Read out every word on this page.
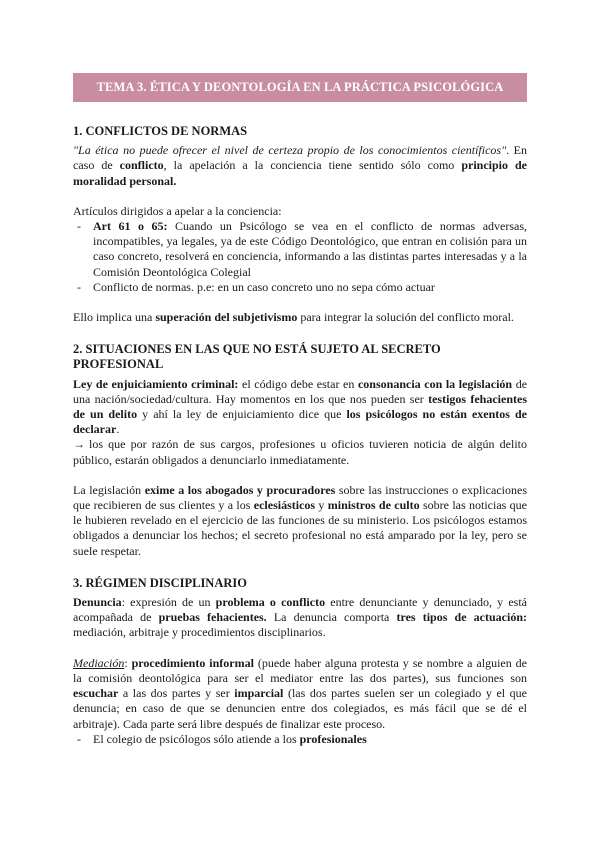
TEMA 3. ÉTICA Y DEONTOLOGÍA EN LA PRÁCTICA PSICOLÓGICA
1. CONFLICTOS DE NORMAS

"La ética no puede ofrecer el nivel de certeza propio de los conocimientos científicos". En caso de conflicto, la apelación a la conciencia tiene sentido sólo como principio de moralidad personal.

Artículos dirigidos a apelar a la conciencia:

- Art 61 o 65: Cuando un Psicólogo se vea en el conflicto de normas adversas, incompatibles, ya legales, ya de este Código Deontológico, que entran en colisión para un caso concreto, resolverá en conciencia, informando a las distintas partes interesadas y a la Comisión Deontológica Colegial
- Conflicto de normas. p.e: en un caso concreto uno no sepa cómo actuar

Ello implica una superación del subjetivismo para integrar la solución del conflicto moral.

2. SITUACIONES EN LAS QUE NO ESTÁ SUJETO AL SECRETO PROFESIONAL

Ley de enjuiciamiento criminal: el código debe estar en consonancia con la legislación de una nación/sociedad/cultura. Hay momentos en los que nos pueden ser testigos fehacientes de un delito y ahí la ley de enjuiciamiento dice que los psicólogos no están exentos de declarar.

→ los que por razón de sus cargos, profesiones u oficios tuvieren noticia de algún delito público, estarán obligados a denunciarlo inmediatamente.

La legislación exime a los abogados y procuradores sobre las instrucciones o explicaciones que recibieren de sus clientes y a los eclesiásticos y ministros de culto sobre las noticias que le hubieren revelado en el ejercicio de las funciones de su ministerio. Los psicólogos estamos obligados a denunciar los hechos; el secreto profesional no está amparado por la ley, pero se suele respetar.

3. RÉGIMEN DISCIPLINARIO

Denuncia: expresión de un problema o conflicto entre denunciante y denunciado, y está acompañada de pruebas fehacientes. La denuncia comporta tres tipos de actuación: mediación, arbitraje y procedimientos disciplinarios.

Mediación: procedimiento informal (puede haber alguna protesta y se nombre a alguien de la comisión deontológica para ser el mediator entre las dos partes), sus funciones son escuchar a las dos partes y ser imparcial (las dos partes suelen ser un colegiado y el que denuncia; en caso de que se denuncien entre dos colegiados, es más fácil que se dé el arbitraje). Cada parte será libre después de finalizar este proceso.

- El colegio de psicólogos sólo atiende a los profesionales
